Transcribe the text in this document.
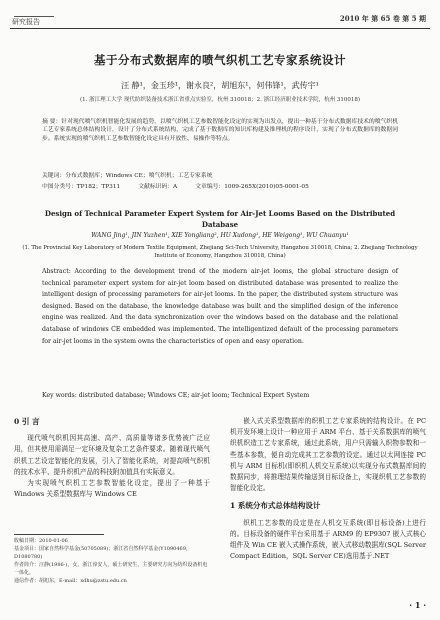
研究报告	2010 年 第 65 卷 第 5 期
基于分布式数据库的喷气织机工艺专家系统设计
汪 静¹，金玉珍¹，谢永良²，胡旭东¹，何伟锋¹，武传宇¹
(1. 浙江理工大学 现代纺织装备技术浙江省重点实验室，杭州 310018；2. 浙江经济职业技术学院，杭州 310018)
摘 要：针对现代喷气织机智能化发展的趋势，以喷气织机工艺参数智能化设定的实现为出发点，提出一种基于分布式数据库技术的喷气织机工艺专家系统总体结构设计，设计了分布式系统结构，完成了基于数据库的知识库构建及推理机的程序设计，实现了分布式数据库的数据同步。系统实现的喷气织机工艺参数智能化设定具有开放性、易操作等特点。
关键词：分布式数据库；Windows CE；喷气织机；工艺专家系统
中图分类号：TP182；TP311	文献标识码：A	文章编号：1009-265X(2010)05-0001-05
Design of Technical Parameter Expert System for Air-Jet Looms Based on the Distributed Database
WANG Jing¹, JIN Yuzhen¹, XIE Yongliang², HU Xudong¹, HE Weigong¹, WU Chuanyu¹
(1. The Provincial Key Laboratory of Modern Textile Equipment, Zhejiang Sci-Tech University, Hangzhou 310018, China; 2. Zhejiang Technology Institute of Economy, Hangzhou 310018, China)
Abstract: According to the development trend of the modern air-jet looms, the global structure design of technical parameter expert system for air-jet loom based on distributed database was presented to realize the intelligent design of processing parameters for air-jet looms. In the paper, the distributed system structure was designed. Based on the database, the knowledge database was built and the simplified design of the inference engine was realized. And the data synchronization over the windows based on the database and the relational database of windows CE embedded was implemented. The intelligentized default of the processing parameters for air-jet looms in the system owns the characteristics of open and easy operation.
Key words: distributed database; Windows CE; air-jet loom; Technical Expert System
0 引 言

现代喷气织机因其高速、高产、高质量等诸多优势被广泛应用，但其使用需满足一定环境及复杂工艺条件要求。随着现代喷气织机工艺设定智能化的发展，引入了智能化系统，对提高喷气织机的技术水平、提升织机产品的科技附加值具有实际意义。

为实现喷气织机工艺参数智能化设定，提出了一种基于 Windows 关系型数据库与 Windows CE

收稿日期：2010-01-06
基金项目：国家自然科学基金(50705089)；浙江省自然科学基金(Y1090469，D1080780)
作者简介：汪静(1986-)，女，浙江淳安人，硕士研究生，主要研究方向为纺织设备机电一体化。
通信作者：胡旭东，E-mail：xdhu@zstu.edu.cn

嵌入式关系型数据库的织机工艺专家系统的结构设计。在 PC 机开发环境上设计一种应用于 ARM 平台、基于关系数据库的喷气织机织造工艺专家系统，通过此系统，用户只需输入织物参数和一些基本参数，便自动完成其工艺参数的设定。通过以太网连接 PC 机与 ARM 目标机(即织机人机交互系统)以实现分布式数据库间的数据同步，将推理结果传输送到目标设备上，实现织机工艺参数的智能化设定。

1 系统分布式总体结构设计

织机工艺参数的设定是在人机交互系统(即目标设备)上进行的。目标设备的硬件平台采用基于 ARM9 的 EP9307 嵌入式核心组件及 Win CE 嵌入式操作系统，嵌入式移动数据库(SQL Server Compact Edition，SQL Server CE)选用基于.NET

· 1 ·
